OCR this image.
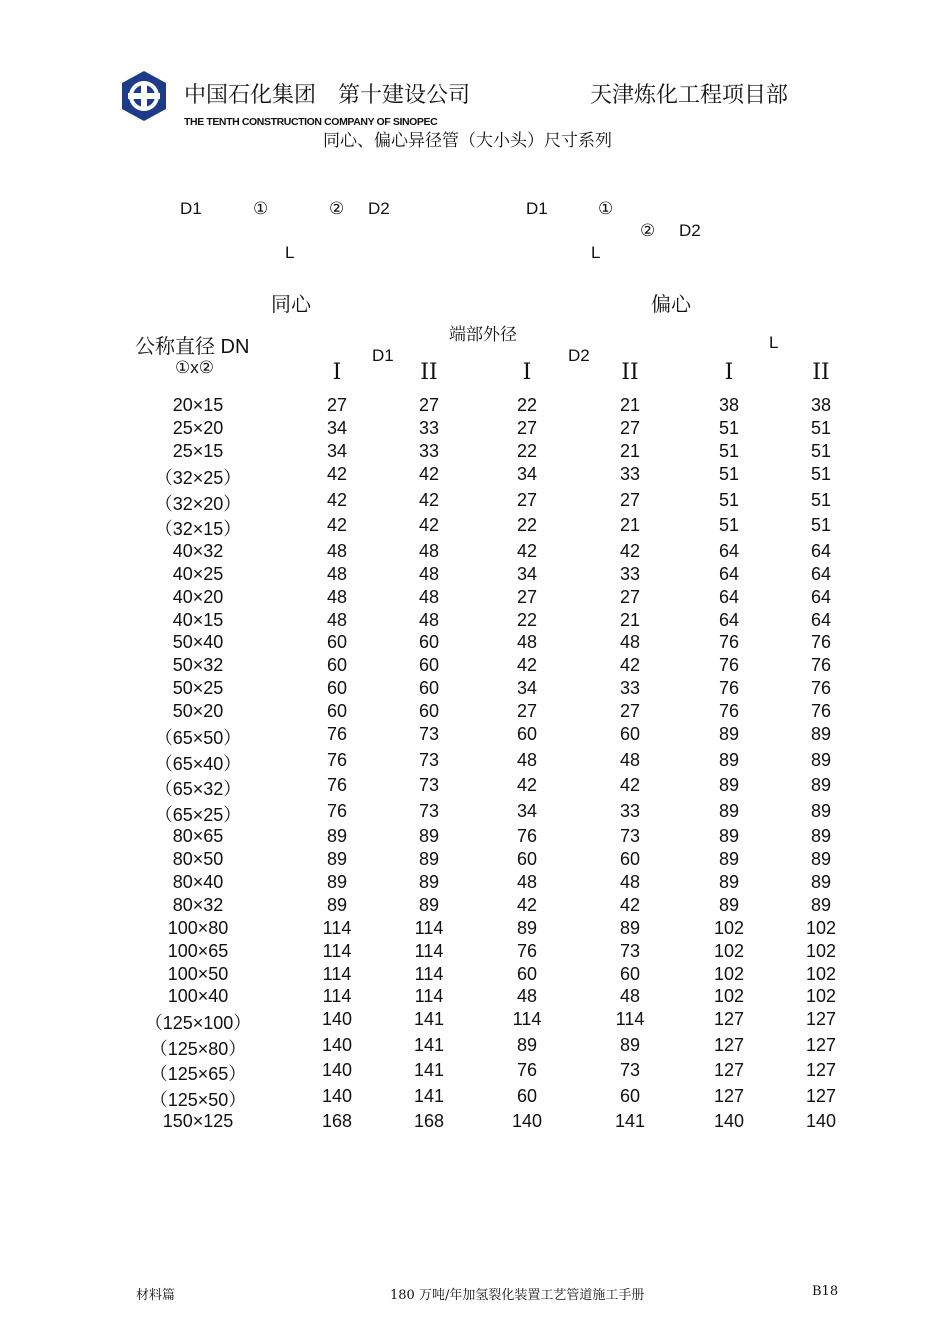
中国石化集团　第十建设公司	天津炼化工程项目部
THE TENTH CONSTRUCTION COMPANY OF SINOPEC
同心、偏心异径管（大小头）尺寸系列
D1	①	② D2
L
D1	①
② D2
L
同心	偏心
公称直径 DN
端部外径	L
D1	D2
①x②	I	II	I	II	I	II
20×15	27	27	22	21	38	38
25×20	34	33	27	27	51	51
25×15	34	33	22	21	51	51
（32×25）	42	42	34	33	51	51
（32×20）	42	42	27	27	51	51
（32×15）	42	42	22	21	51	51
40×32	48	48	42	42	64	64
40×25	48	48	34	33	64	64
40×20	48	48	27	27	64	64
40×15	48	48	22	21	64	64
50×40	60	60	48	48	76	76
50×32	60	60	42	42	76	76
50×25	60	60	34	33	76	76
50×20	60	60	27	27	76	76
（65×50）	76	73	60	60	89	89
（65×40）	76	73	48	48	89	89
（65×32）	76	73	42	42	89	89
（65×25）	76	73	34	33	89	89
80×65	89	89	76	73	89	89
80×50	89	89	60	60	89	89
80×40	89	89	48	48	89	89
80×32	89	89	42	42	89	89
100×80	114	114	89	89	102	102
100×65	114	114	76	73	102	102
100×50	114	114	60	60	102	102
100×40	114	114	48	48	102	102
（125×100）	140	141	114	114	127	127
（125×80）	140	141	89	89	127	127
（125×65）	140	141	76	73	127	127
（125×50）	140	141	60	60	127	127
150×125	168	168	140	141	140	140
材料篇	180 万吨/年加氢裂化装置工艺管道施工手册	B18
